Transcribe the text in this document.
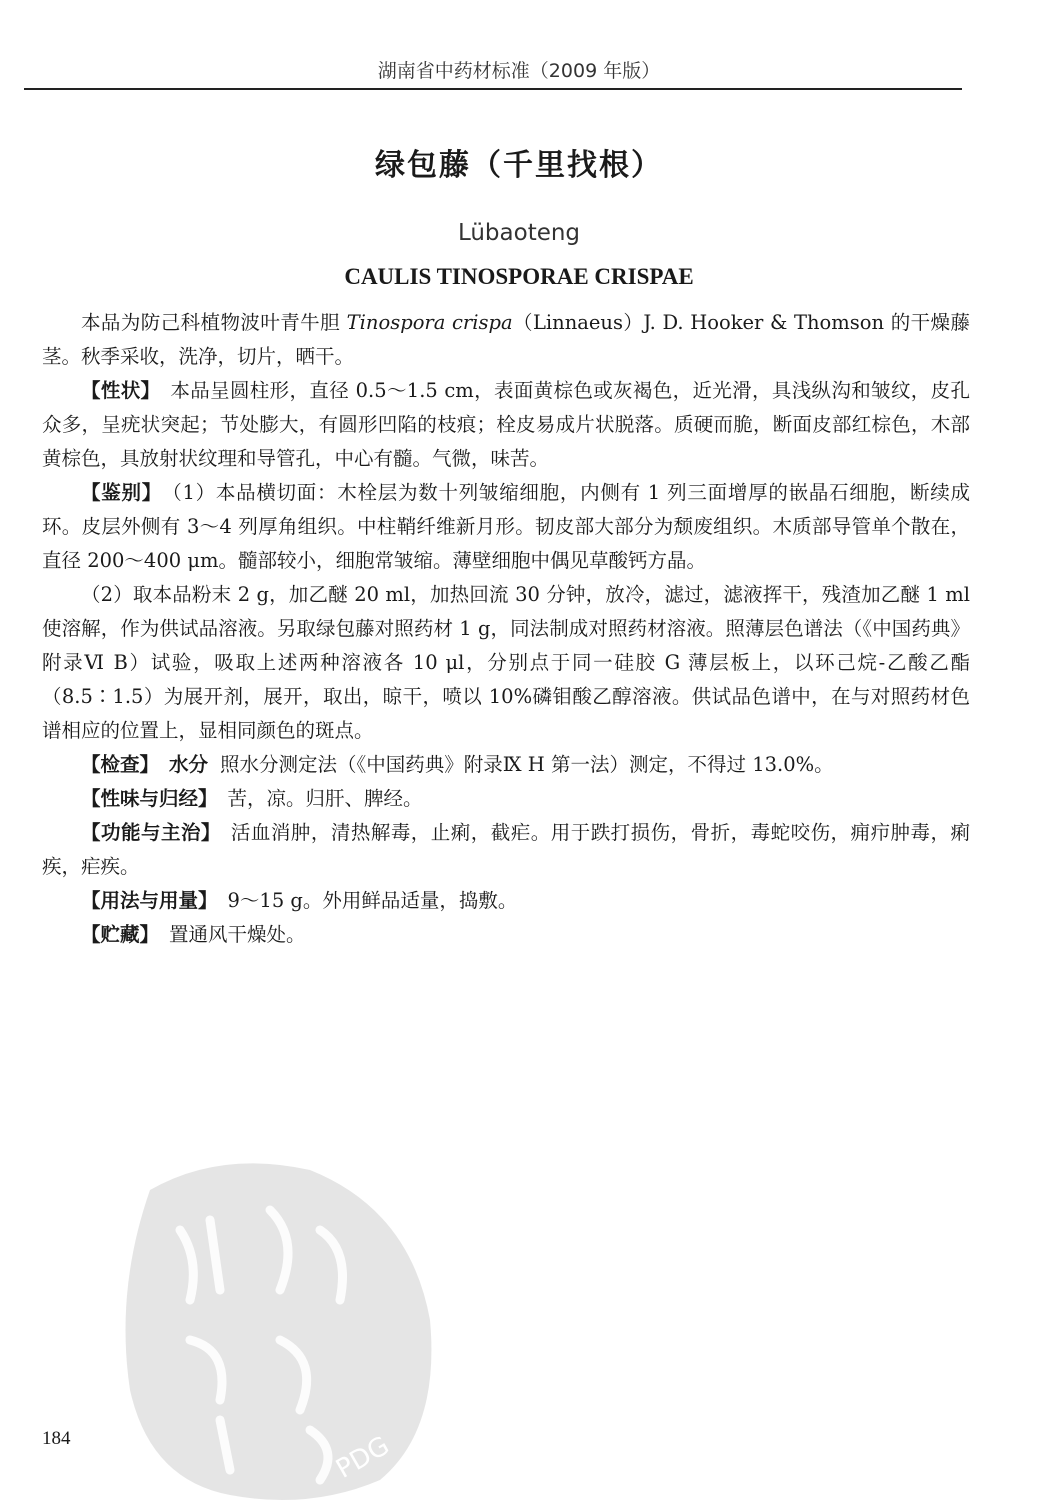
湖南省中药材标准（2009 年版）
绿包藤（千里找根）
Lübaoteng
CAULIS TINOSPORAE CRISPAE

本品为防己科植物波叶青牛胆 Tinospora crispa（Linnaeus）J. D. Hooker & Thomson 的干燥藤茎。秋季采收，洗净，切片，晒干。

【性状】 本品呈圆柱形，直径 0.5～1.5 cm，表面黄棕色或灰褐色，近光滑，具浅纵沟和皱纹，皮孔众多，呈疣状突起；节处膨大，有圆形凹陷的枝痕；栓皮易成片状脱落。质硬而脆，断面皮部红棕色，木部黄棕色，具放射状纹理和导管孔，中心有髓。气微，味苦。

【鉴别】 （1）本品横切面：木栓层为数十列皱缩细胞，内侧有 1 列三面增厚的嵌晶石细胞，断续成环。皮层外侧有 3～4 列厚角组织。中柱鞘纤维新月形。韧皮部大部分为颓废组织。木质部导管单个散在，直径 200～400 μm。髓部较小，细胞常皱缩。薄壁细胞中偶见草酸钙方晶。

（2）取本品粉末 2 g，加乙醚 20 ml，加热回流 30 分钟，放冷，滤过，滤液挥干，残渣加乙醚 1 ml 使溶解，作为供试品溶液。另取绿包藤对照药材 1 g，同法制成对照药材溶液。照薄层色谱法（《中国药典》附录Ⅵ B）试验，吸取上述两种溶液各 10 μl，分别点于同一硅胶 G 薄层板上，以环己烷-乙酸乙酯（8.5∶1.5）为展开剂，展开，取出，晾干，喷以 10%磷钼酸乙醇溶液。供试品色谱中，在与对照药材色谱相应的位置上，显相同颜色的斑点。

【检查】 水分 照水分测定法（《中国药典》附录Ⅸ H 第一法）测定，不得过 13.0%。

【性味与归经】 苦，凉。归肝、脾经。

【功能与主治】 活血消肿，清热解毒，止痢，截疟。用于跌打损伤，骨折，毒蛇咬伤，痈疖肿毒，痢疾，疟疾。

【用法与用量】 9～15 g。外用鲜品适量，捣敷。

【贮藏】 置通风干燥处。

PDG
184
